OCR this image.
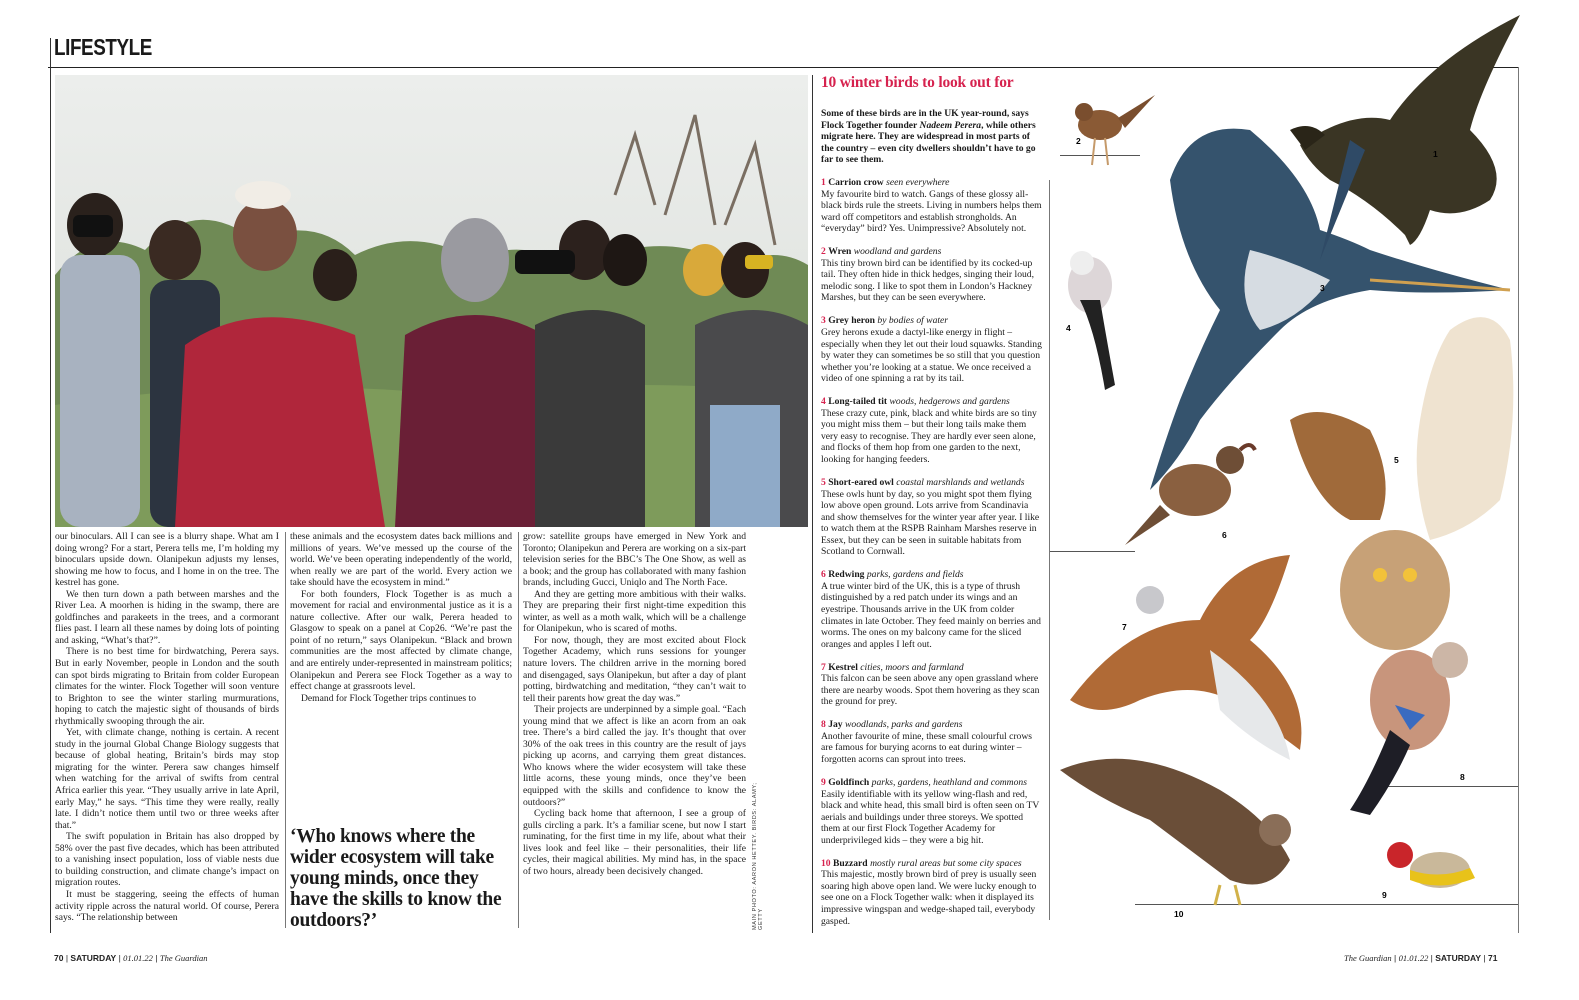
LIFESTYLE

our binoculars. All I can see is a blurry shape. What am I doing wrong? For a start, Perera tells me, I’m holding my binoculars upside down. Olanipekun adjusts my lenses, showing me how to focus, and I home in on the tree. The kestrel has gone.

We then turn down a path between marshes and the River Lea. A moorhen is hiding in the swamp, there are goldfinches and parakeets in the trees, and a cormorant flies past. I learn all these names by doing lots of pointing and asking, “What’s that?”.

There is no best time for birdwatching, Perera says. But in early November, people in London and the south can spot birds migrating to Britain from colder European climates for the winter. Flock Together will soon venture to Brighton to see the winter starling murmurations, hoping to catch the majestic sight of thousands of birds rhythmically swooping through the air.

Yet, with climate change, nothing is certain. A recent study in the journal Global Change Biology suggests that because of global heating, Britain’s birds may stop migrating for the winter. Perera saw changes himself when watching for the arrival of swifts from central Africa earlier this year. “They usually arrive in late April, early May,” he says. “This time they were really, really late. I didn’t notice them until two or three weeks after that.”

The swift population in Britain has also dropped by 58% over the past five decades, which has been attributed to a vanishing insect population, loss of viable nests due to building construction, and climate change’s impact on migration routes.

It must be staggering, seeing the effects of human activity ripple across the natural world. Of course, Perera says. “The relationship between

these animals and the ecosystem dates back millions and millions of years. We’ve messed up the course of the world. We’ve been operating independently of the world, when really we are part of the world. Every action we take should have the ecosystem in mind.”

For both founders, Flock Together is as much a movement for racial and environmental justice as it is a nature collective. After our walk, Perera headed to Glasgow to speak on a panel at Cop26. “We’re past the point of no return,” says Olanipekun. “Black and brown communities are the most affected by climate change, and are entirely under-represented in mainstream politics; Olanipekun and Perera see Flock Together as a way to effect change at grassroots level.

Demand for Flock Together trips continues to

‘Who knows where the wider ecosystem will take young minds, once they have the skills to know the outdoors?’

grow: satellite groups have emerged in New York and Toronto; Olanipekun and Perera are working on a six-part television series for the BBC’s The One Show, as well as a book; and the group has collaborated with many fashion brands, including Gucci, Uniqlo and The North Face.

And they are getting more ambitious with their walks. They are preparing their first night-time expedition this winter, as well as a moth walk, which will be a challenge for Olanipekun, who is scared of moths.

For now, though, they are most excited about Flock Together Academy, which runs sessions for younger nature lovers. The children arrive in the morning bored and disengaged, says Olanipekun, but after a day of plant potting, birdwatching and meditation, “they can’t wait to tell their parents how great the day was.”

Their projects are underpinned by a simple goal. “Each young mind that we affect is like an acorn from an oak tree. There’s a bird called the jay. It’s thought that over 30% of the oak trees in this country are the result of jays picking up acorns, and carrying them great distances. Who knows where the wider ecosystem will take these little acorns, these young minds, once they’ve been equipped with the skills and confidence to know the outdoors?”

Cycling back home that afternoon, I see a group of gulls circling a park. It’s a familiar scene, but now I start ruminating, for the first time in my life, about what their lives look and feel like – their personalities, their life cycles, their magical abilities. My mind has, in the space of two hours, already been decisively changed.	MAIN PHOTO: AARON HETTEY. BIRDS: ALAMY; GETTY
70 | SATURDAY | 01.01.22 | The Guardian	The Guardian | 01.01.22 | SATURDAY | 71
10 winter birds to look out for
Some of these birds are in the UK year-round, says Flock Together founder Nadeem Perera, while others migrate here. They are widespread in most parts of the country – even city dwellers shouldn’t have to go far to see them.
1 Carrion crow seen everywhere
My favourite bird to watch. Gangs of these glossy all-black birds rule the streets. Living in numbers helps them ward off competitors and establish strongholds. An “everyday” bird? Yes. Unimpressive? Absolutely not.
2 Wren woodland and gardens
This tiny brown bird can be identified by its cocked-up tail. They often hide in thick hedges, singing their loud, melodic song. I like to spot them in London’s Hackney Marshes, but they can be seen everywhere.
3 Grey heron by bodies of water
Grey herons exude a dactyl-like energy in flight – especially when they let out their loud squawks. Standing by water they can sometimes be so still that you question whether you’re looking at a statue. We once received a video of one spinning a rat by its tail.
4 Long-tailed tit woods, hedgerows and gardens
These crazy cute, pink, black and white birds are so tiny you might miss them – but their long tails make them very easy to recognise. They are hardly ever seen alone, and flocks of them hop from one garden to the next, looking for hanging feeders.
5 Short-eared owl coastal marshlands and wetlands
These owls hunt by day, so you might spot them flying low above open ground. Lots arrive from Scandinavia and show themselves for the winter year after year. I like to watch them at the RSPB Rainham Marshes reserve in Essex, but they can be seen in suitable habitats from Scotland to Cornwall.
6 Redwing parks, gardens and fields
A true winter bird of the UK, this is a type of thrush distinguished by a red patch under its wings and an eyestripe. Thousands arrive in the UK from colder climates in late October. They feed mainly on berries and worms. The ones on my balcony came for the sliced oranges and apples I left out.
7 Kestrel cities, moors and farmland
This falcon can be seen above any open grassland where there are nearby woods. Spot them hovering as they scan the ground for prey.
8 Jay woodlands, parks and gardens
Another favourite of mine, these small colourful crows are famous for burying acorns to eat during winter – forgotten acorns can sprout into trees.
9 Goldfinch parks, gardens, heathland and commons
Easily identifiable with its yellow wing-flash and red, black and white head, this small bird is often seen on TV aerials and buildings under three storeys. We spotted them at our first Flock Together Academy for underprivileged kids – they were a big hit.
10 Buzzard mostly rural areas but some city spaces
This majestic, mostly brown bird of prey is usually seen soaring high above open land. We were lucky enough to see one on a Flock Together walk: when it displayed its impressive wingspan and wedge-shaped tail, everybody gasped.
1
2
3
4
5
6
7
8
9
10
